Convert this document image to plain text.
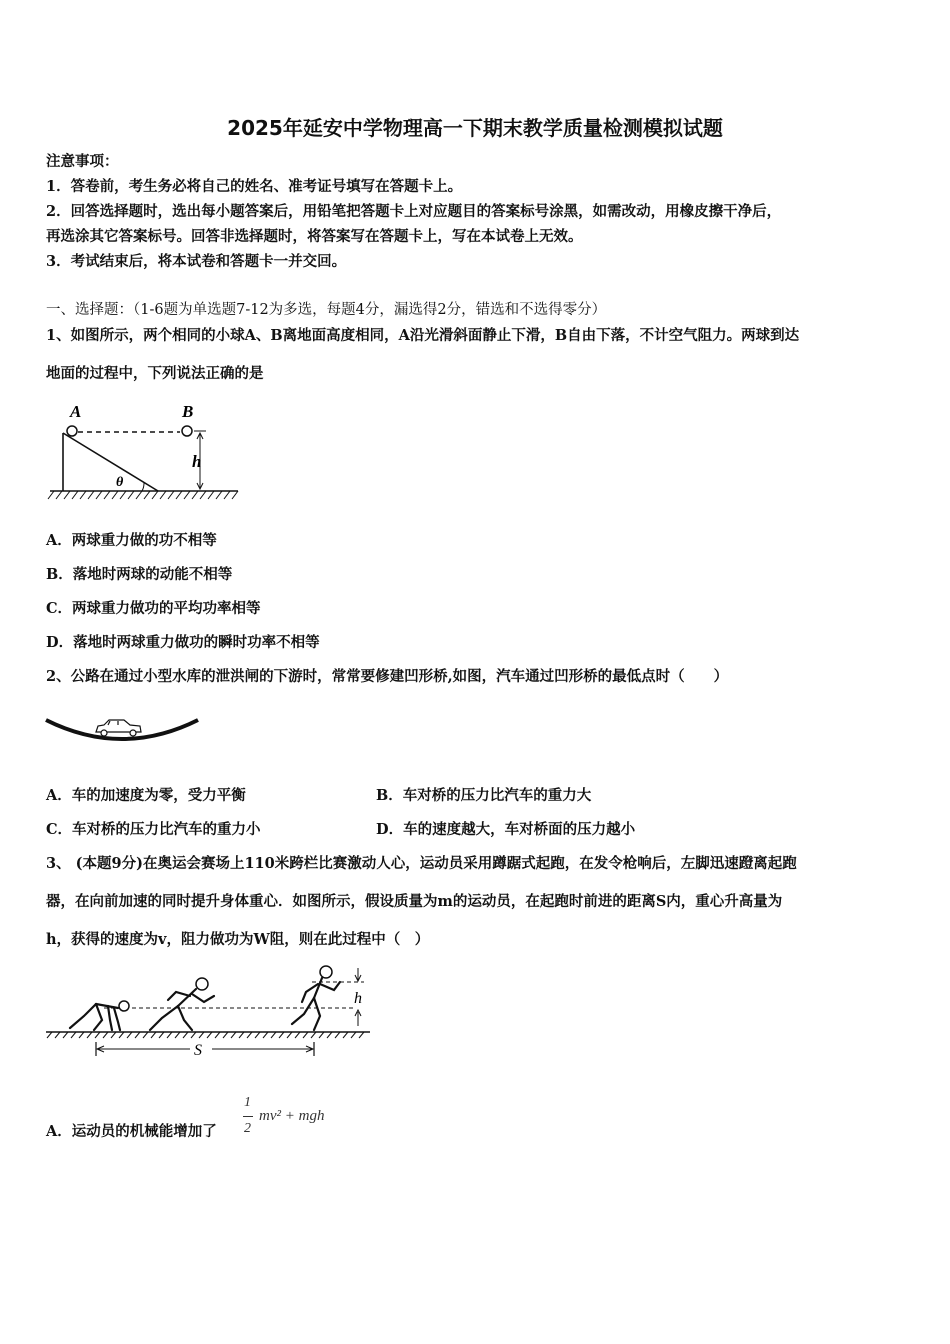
2025年延安中学物理高一下期末教学质量检测模拟试题
注意事项：
1．答卷前，考生务必将自己的姓名、准考证号填写在答题卡上。
2．回答选择题时，选出每小题答案后，用铅笔把答题卡上对应题目的答案标号涂黑，如需改动，用橡皮擦干净后，
再选涂其它答案标号。回答非选择题时，将答案写在答题卡上，写在本试卷上无效。
3．考试结束后，将本试卷和答题卡一并交回。
一、选择题：（1-6题为单选题7-12为多选，每题4分，漏选得2分，错选和不选得零分）
1、如图所示，两个相同的小球A、B离地面高度相同，A沿光滑斜面静止下滑，B自由下落，不计空气阻力。两球到达
地面的过程中，下列说法正确的是
A	B
h
θ
A．两球重力做的功不相等
B．落地时两球的动能不相等
C．两球重力做功的平均功率相等
D．落地时两球重力做功的瞬时功率不相等
2、公路在通过小型水库的泄洪闸的下游时，常常要修建凹形桥,如图，汽车通过凹形桥的最低点时（　　）
A．车的加速度为零，受力平衡	B．车对桥的压力比汽车的重力大
C．车对桥的压力比汽车的重力小	D．车的速度越大，车对桥面的压力越小
3、 (本题9分)在奥运会赛场上110米跨栏比赛激动人心，运动员采用蹲踞式起跑，在发令枪响后，左脚迅速蹬离起跑
器，在向前加速的同时提升身体重心．如图所示，假设质量为m的运动员，在起跑时前进的距离S内，重心升高量为
h，获得的速度为v，阻力做功为W阻，则在此过程中（　）
h
S
A．运动员的机械能增加了
1
2
mv² + mgh
